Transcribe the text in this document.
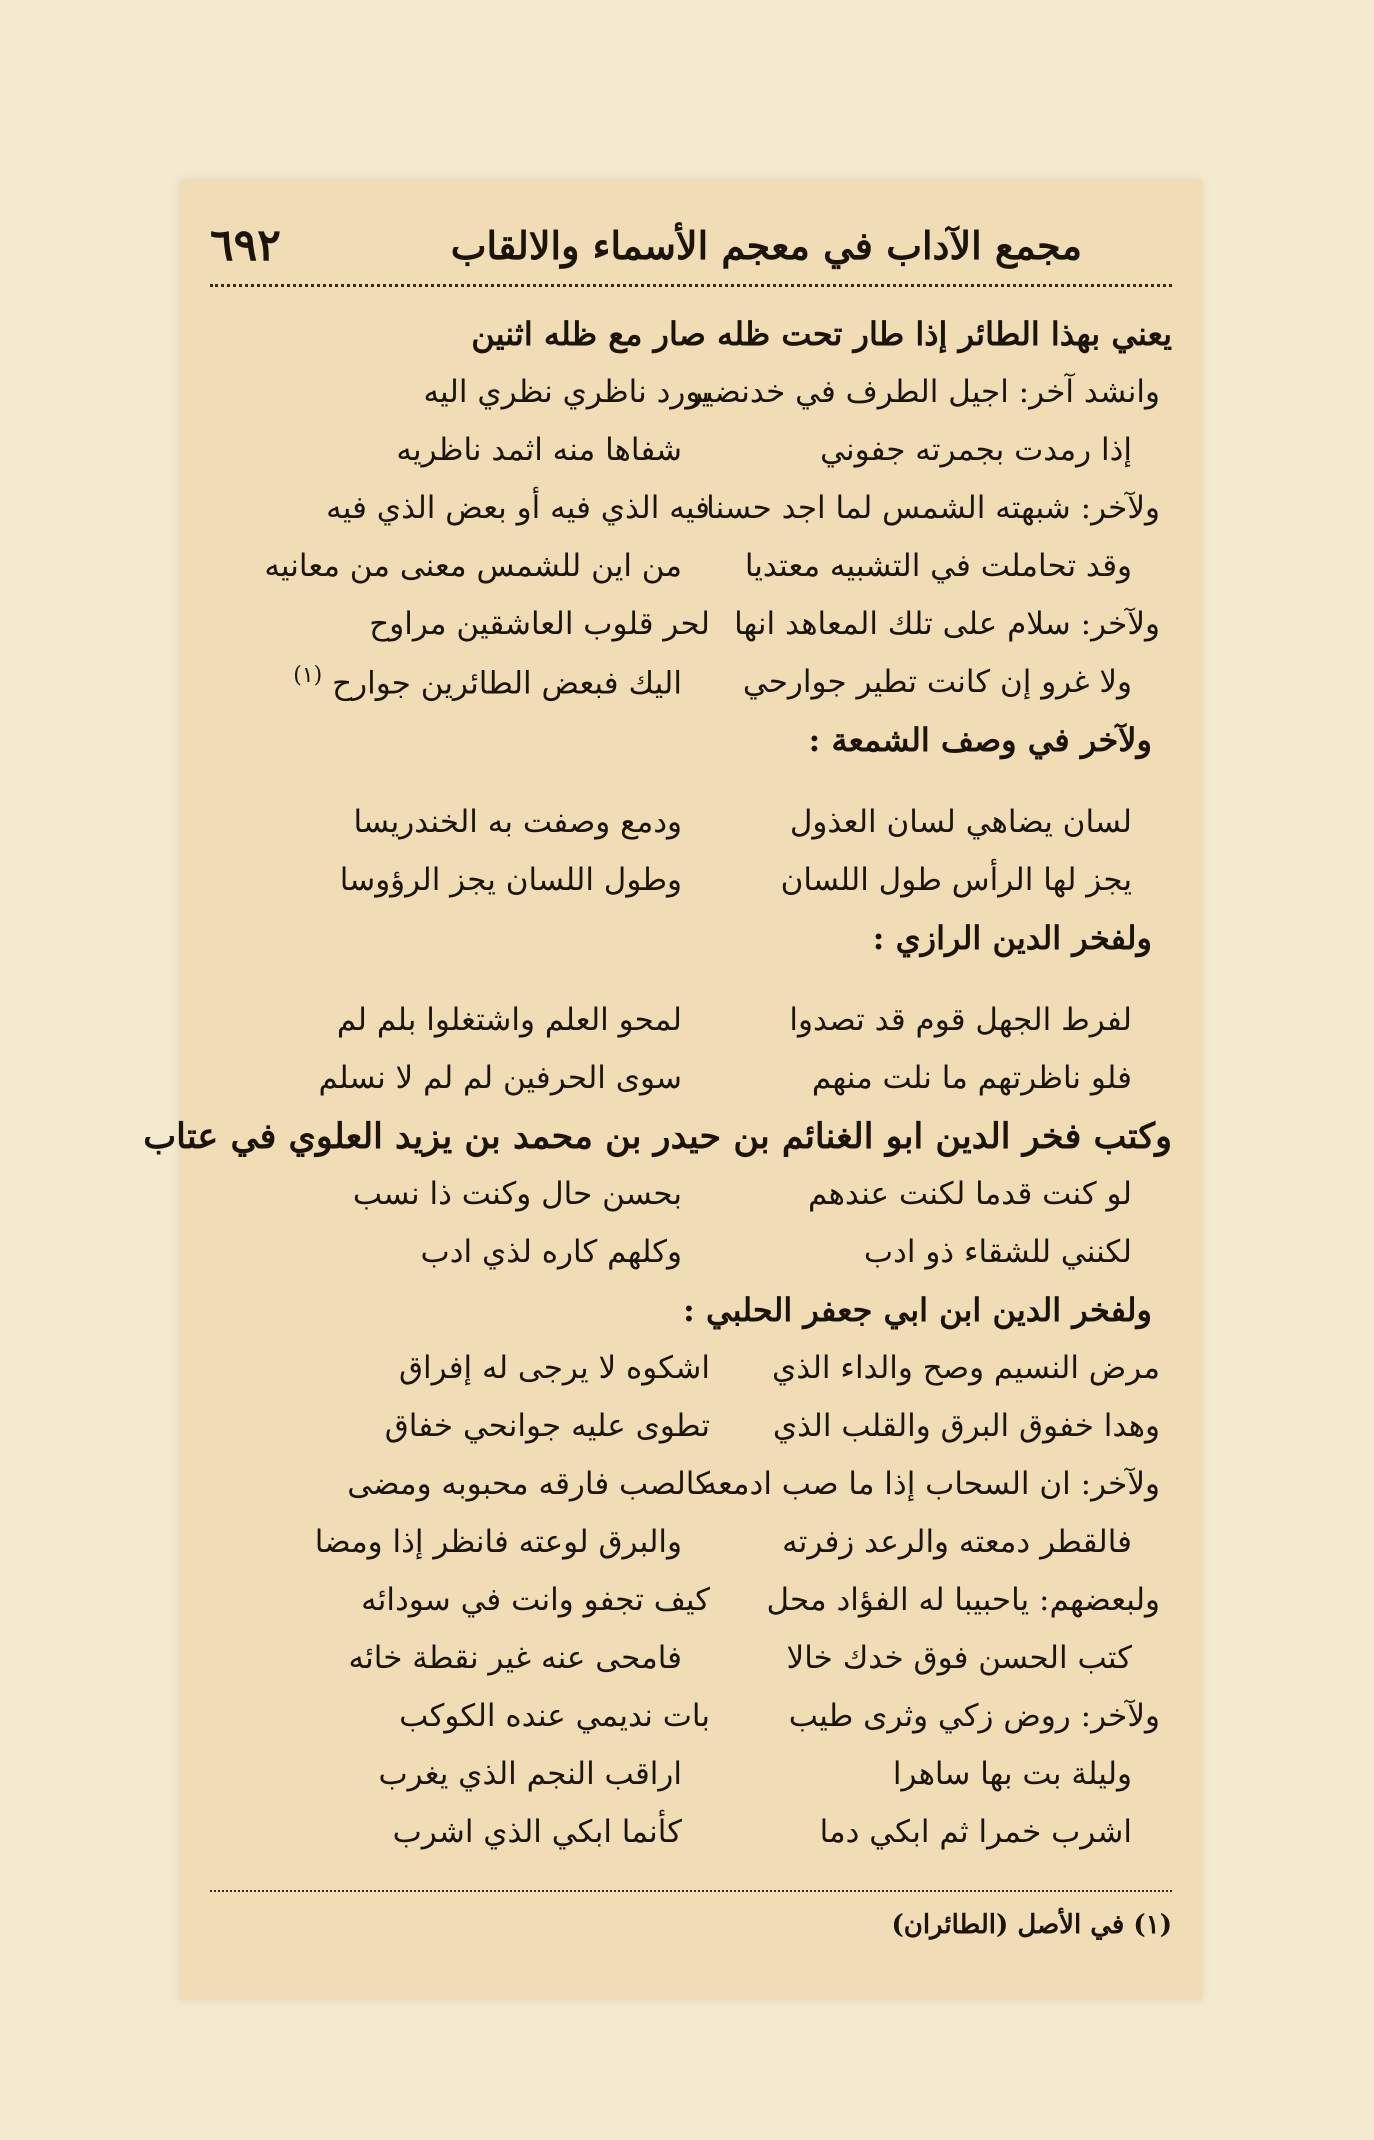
مجمع الآداب في معجم الأسماء والالقاب
٦٩٢
يعني بهذا الطائر إذا طار تحت ظله صار مع ظله اثنين
وانشد آخر: اجيل الطرف في خدنضير
يورد ناظري نظري اليه
إذا رمدت بجمرته جفوني
شفاها منه اثمد ناظريه
ولآخر: شبهته الشمس لما اجد حسنا
فيه الذي فيه أو بعض الذي فيه
وقد تحاملت في التشبيه معتديا
من اين للشمس معنى من معانيه
ولآخر: سلام على تلك المعاهد انها
لحر قلوب العاشقين مراوح
ولا غرو إن كانت تطير جوارحي
اليك فبعض الطائرين جوارح $^{(١)}$
ولآخر في وصف الشمعة :
لسان يضاهي لسان العذول
ودمع وصفت به الخندريسا
يجز لها الرأس طول اللسان
وطول اللسان يجز الرؤوسا
ولفخر الدين الرازي :
لفرط الجهل قوم قد تصدوا
لمحو العلم واشتغلوا بلم لم
فلو ناظرتهم ما نلت منهم
سوى الحرفين لم لم لا نسلم
وكتب فخر الدين ابو الغنائم بن حيدر بن محمد بن يزيد العلوي في عتاب
لو كنت قدما لكنت عندهم
بحسن حال وكنت ذا نسب
لكنني للشقاء ذو ادب
وكلهم كاره لذي ادب
ولفخر الدين ابن ابي جعفر الحلبي :
مرض النسيم وصح والداء الذي
اشكوه لا يرجى له إفراق
وهدا خفوق البرق والقلب الذي
تطوى عليه جوانحي خفاق
ولآخر: ان السحاب إذا ما صب ادمعه
كالصب فارقه محبوبه ومضى
فالقطر دمعته والرعد زفرته
والبرق لوعته فانظر إذا ومضا
ولبعضهم: ياحبيبا له الفؤاد محل
كيف تجفو وانت في سودائه
كتب الحسن فوق خدك خالا
فامحى عنه غير نقطة خائه
ولآخر: روض زكي وثرى طيب
بات نديمي عنده الكوكب
وليلة بت بها ساهرا
اراقب النجم الذي يغرب
اشرب خمرا ثم ابكي دما
كأنما ابكي الذي اشرب
(١) في الأصل (الطائران)
